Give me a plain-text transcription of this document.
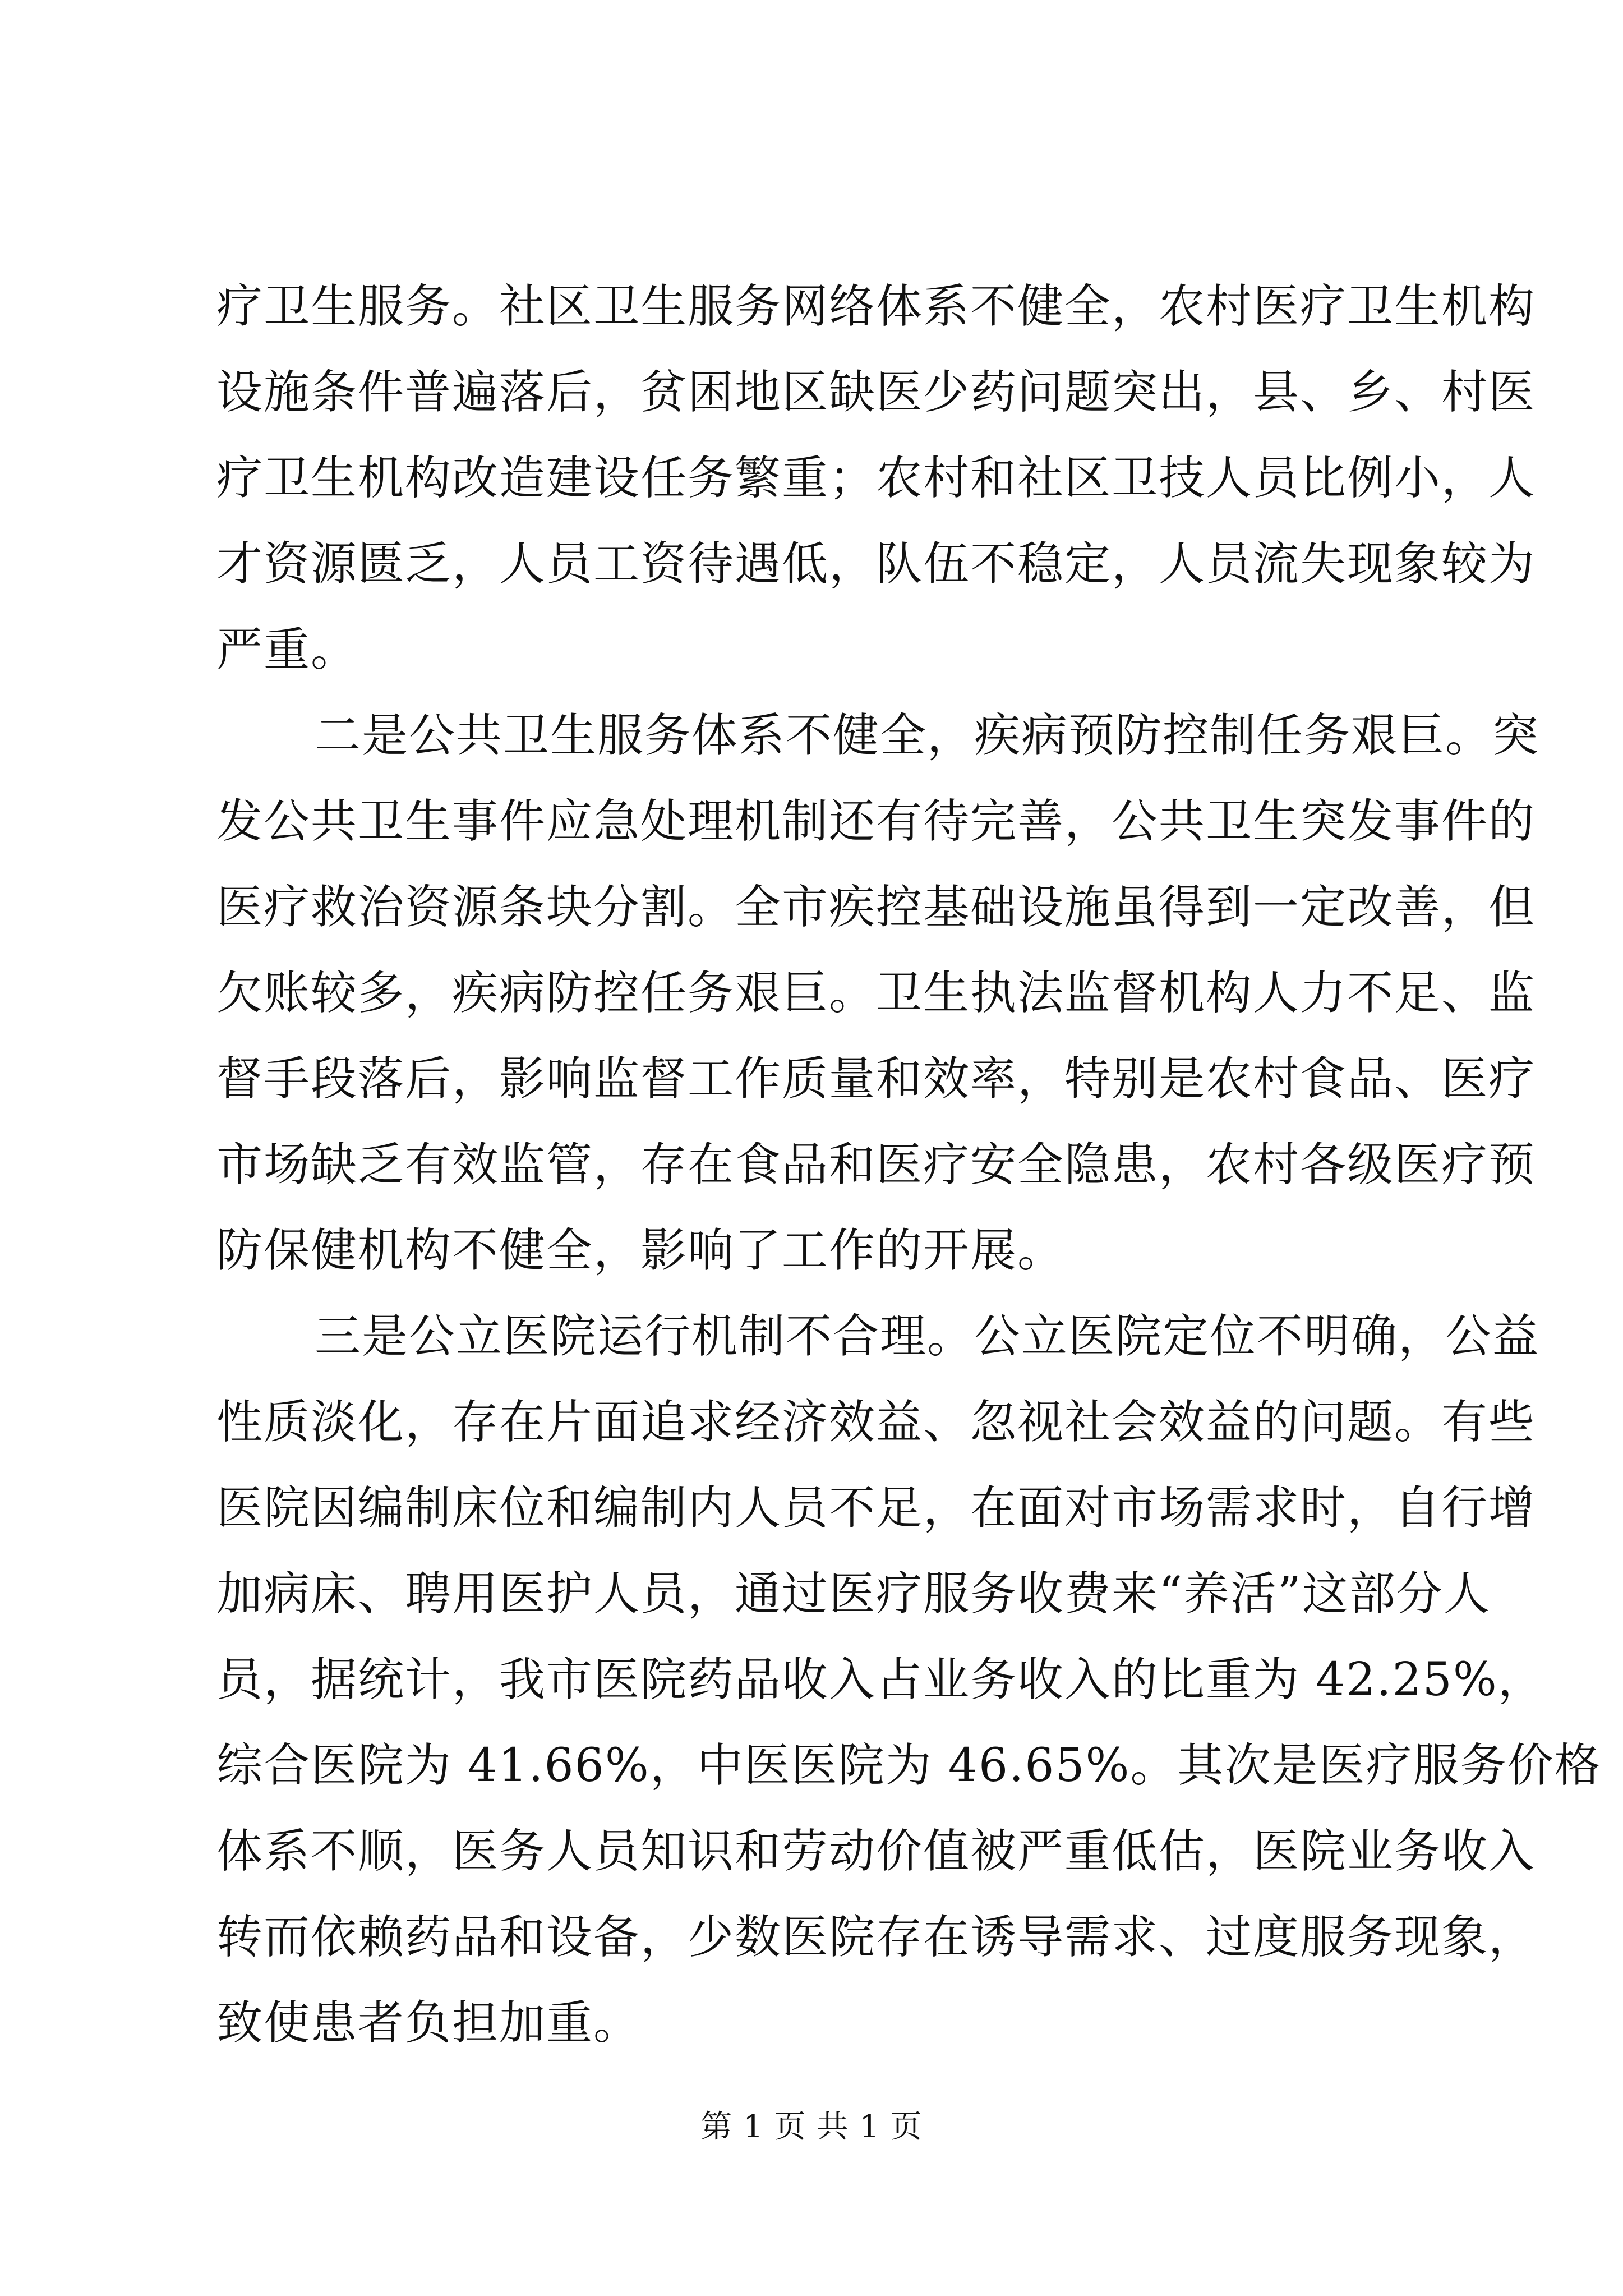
疗卫生服务。社区卫生服务网络体系不健全，农村医疗卫生机构
设施条件普遍落后，贫困地区缺医少药问题突出，县、乡、村医
疗卫生机构改造建设任务繁重；农村和社区卫技人员比例小，人
才资源匮乏，人员工资待遇低，队伍不稳定，人员流失现象较为
严重。
二是公共卫生服务体系不健全，疾病预防控制任务艰巨。突
发公共卫生事件应急处理机制还有待完善，公共卫生突发事件的
医疗救治资源条块分割。全市疾控基础设施虽得到一定改善，但
欠账较多，疾病防控任务艰巨。卫生执法监督机构人力不足、监
督手段落后，影响监督工作质量和效率，特别是农村食品、医疗
市场缺乏有效监管，存在食品和医疗安全隐患，农村各级医疗预
防保健机构不健全，影响了工作的开展。
三是公立医院运行机制不合理。公立医院定位不明确，公益
性质淡化，存在片面追求经济效益、忽视社会效益的问题。有些
医院因编制床位和编制内人员不足，在面对市场需求时，自行增
加病床、聘用医护人员，通过医疗服务收费来“养活”这部分人
员，据统计，我市医院药品收入占业务收入的比重为 42.25%，
综合医院为 41.66%，中医医院为 46.65%。其次是医疗服务价格
体系不顺，医务人员知识和劳动价值被严重低估，医院业务收入
转而依赖药品和设备，少数医院存在诱导需求、过度服务现象，
致使患者负担加重。
第 1 页 共 1 页
